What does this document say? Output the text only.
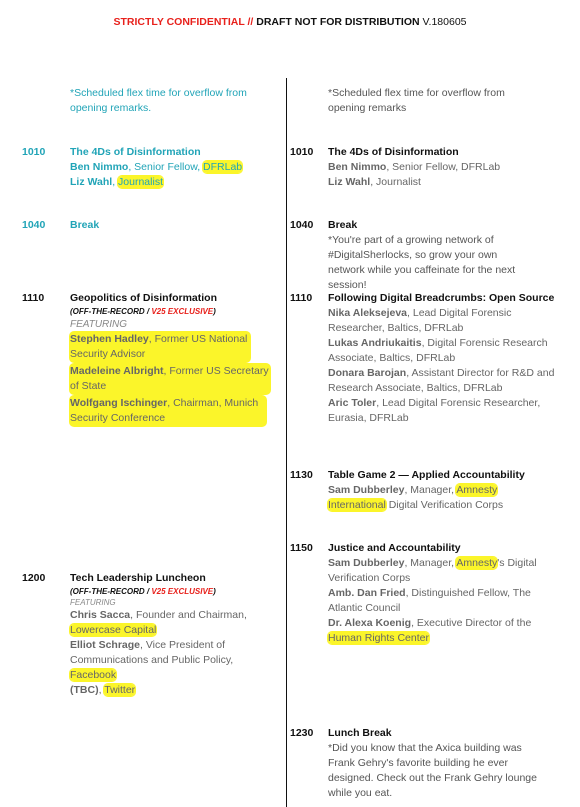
STRICTLY CONFIDENTIAL // DRAFT NOT FOR DISTRIBUTION V.180605
*Scheduled flex time for overflow from opening remarks.
1010 The 4Ds of Disinformation
Ben Nimmo, Senior Fellow, DFRLab
Liz Wahl, Journalist
1040 Break
1110 Geopolitics of Disinformation
(OFF-THE-RECORD / V25 EXCLUSIVE)
FEATURING
Stephen Hadley, Former US National Security Advisor Madeleine Albright, Former US Secretary of State Wolfgang Ischinger, Chairman, Munich Security Conference
1200 Tech Leadership Luncheon
(OFF-THE-RECORD / V25 EXCLUSIVE)
FEATURING
Chris Sacca, Founder and Chairman,
Lowercase Capital
Elliot Schrage, Vice President of Communications and Public Policy,
Facebook
(TBC), Twitter
*Scheduled flex time for overflow from opening remarks
1010 The 4Ds of Disinformation
Ben Nimmo, Senior Fellow, DFRLab
Liz Wahl, Journalist
1040 Break
*You're part of a growing network of #DigitalSherlocks, so grow your own network while you caffeinate for the next session!
1110 Following Digital Breadcrumbs: Open Source
Nika Aleksejeva, Lead Digital Forensic Researcher, Baltics, DFRLab
Lukas Andriukaitis, Digital Forensic Research Associate, Baltics, DFRLab
Donara Barojan, Assistant Director for R&D and Research Associate, Baltics, DFRLab
Aric Toler, Lead Digital Forensic Researcher, Eurasia, DFRLab
1130 Table Game 2 — Applied Accountability
Sam Dubberley, Manager, Amnesty
International Digital Verification Corps
1150 Justice and Accountability
Sam Dubberley, Manager, Amnesty's Digital Verification Corps
Amb. Dan Fried, Distinguished Fellow, The Atlantic Council
Dr. Alexa Koenig, Executive Director of the
Human Rights Center
1230 Lunch Break
*Did you know that the Axica building was Frank Gehry's favorite building he ever designed. Check out the Frank Gehry lounge while you eat.
